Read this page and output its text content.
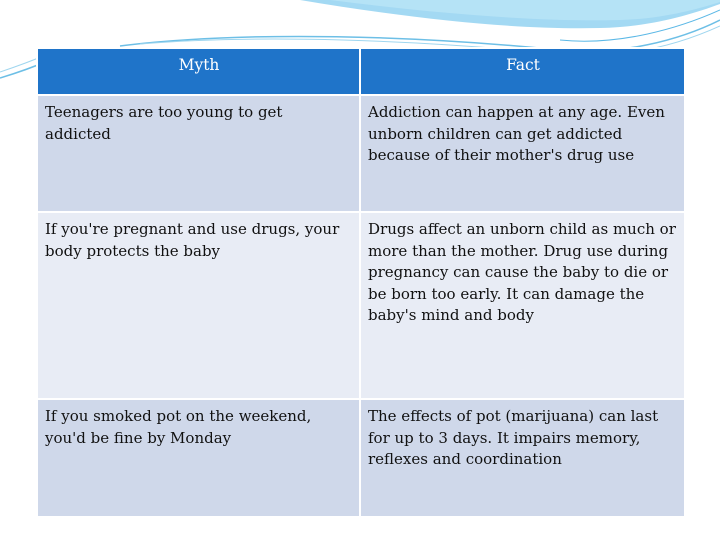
Myth	Fact
Teenagers are too young to get addicted	Addiction can happen at any age. Even unborn children can get addicted because of their mother's drug use
If you're pregnant and use drugs, your body protects the baby	Drugs affect an unborn child as much or more than the mother. Drug use during pregnancy can cause the baby to die or be born too early. It can damage the baby's mind and body
If you smoked pot on the weekend, you'd be fine by Monday	The effects of pot (marijuana) can last for up to 3 days. It impairs memory, reflexes and coordination
